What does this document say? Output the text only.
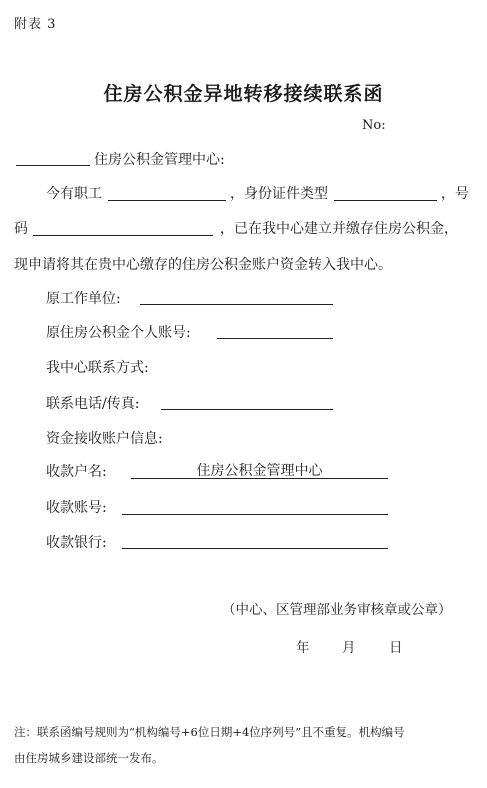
附表 3
住房公积金异地转移接续联系函
No:
住房公积金管理中心:
今有职工	，身份证件类型	，号
码	，已在我中心建立并缴存住房公积金，
现申请将其在贵中心缴存的住房公积金账户资金转入我中心。
原工作单位:
原住房公积金个人账号:
我中心联系方式:
联系电话/传真:
资金接收账户信息:
收款户名:	住房公积金管理中心
收款账号:
收款银行:
（中心、区管理部业务审核章或公章）
年 月 日
注：联系函编号规则为“机构编号+6位日期+4位序列号”且不重复。机构编号
由住房城乡建设部统一发布。
